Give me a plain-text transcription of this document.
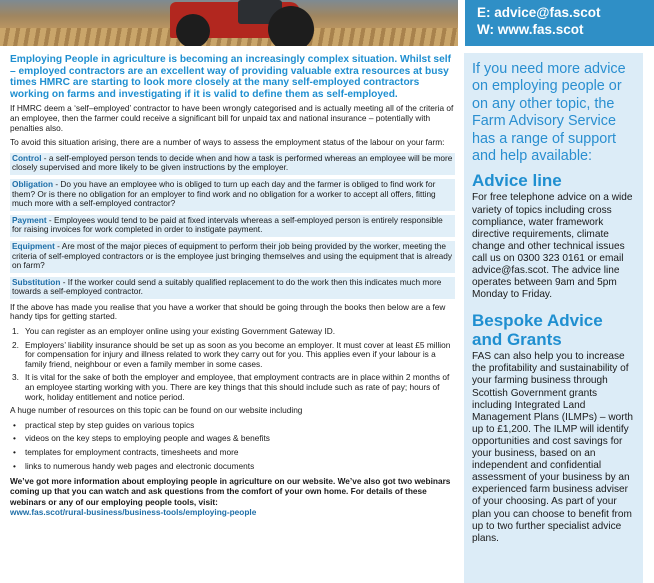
E: advice@fas.scot
W: www.fas.scot
Employing People in agriculture is becoming an increasingly complex situation. Whilst self – employed contractors are an excellent way of providing valuable extra resources at busy times HMRC are starting to look more closely at the many self-employed contractors working on farms and investigating if it is valid to define them as self-employed.

If HMRC deem a ‘self–employed’ contractor to have been wrongly categorised and is actually meeting all of the criteria of an employee, then the farmer could receive a significant bill for unpaid tax and national insurance – potentially with penalties also.

To avoid this situation arising, there are a number of ways to assess the employment status of the labour on your farm:

Control - a self-employed person tends to decide when and how a task is performed whereas an employee will be more closely supervised and more likely to be given instructions by the employer.
Obligation - Do you have an employee who is obliged to turn up each day and the farmer is obliged to find work for them? Or is there no obligation for an employer to find work and no obligation for a worker to accept all offers, fitting much more with a self-employed contractor?
Payment - Employees would tend to be paid at fixed intervals whereas a self-employed person is entirely responsible for raising invoices for work completed in order to instigate payment.
Equipment - Are most of the major pieces of equipment to perform their job being provided by the worker, meeting the criteria of self-employed contractors or is the employee just bringing themselves and using the equipment that is already on farm?
Substitution - If the worker could send a suitably qualified replacement to do the work then this indicates much more towards a self-employed contractor.

If the above has made you realise that you have a worker that should be going through the books then below are a few handy tips for getting started.

1. You can register as an employer online using your existing Government Gateway ID.
2. Employers’ liability insurance should be set up as soon as you become an employer. It must cover at least £5 million for compensation for injury and illness related to work they carry out for you. This applies even if your labour is a family friend, neighbour or even a family member in some cases.
3. It is vital for the sake of both the employer and employee, that employment contracts are in place within 2 months of an employee starting working with you. There are key things that this should include such as rate of pay; hours of work, holiday entitlement and notice period.

A huge number of resources on this topic can be found on our website including

•	practical step by step guides on various topics
•	videos on the key steps to employing people and wages & benefits
•	templates for employment contracts, timesheets and more
•	links to numerous handy web pages and electronic documents
We’ve got more information about employing people in agriculture on our website. We’ve also got two webinars coming up that you can watch and ask questions from the comfort of your own home. For details of these webinars or any of our employing people tools, visit:
www.fas.scot/rural-business/business-tools/employing-people
If you need more advice on employing people or on any other topic, the Farm Advisory Service has a range of support and help available:
Advice line
For free telephone advice on a wide variety of topics including cross compliance, water framework directive requirements, climate change and other technical issues call us on 0300 323 0161 or email advice@fas.scot. The advice line operates between 9am and 5pm Monday to Friday.
Bespoke Advice and Grants
FAS can also help you to increase the profitability and sustainability of your farming business through Scottish Government grants including Integrated Land Management Plans (ILMPs) – worth up to £1,200. The ILMP will identify opportunities and cost savings for your business, based on an independent and confidential assessment of your business by an experienced farm business adviser of your choosing. As part of your plan you can choose to benefit from up to two further specialist advice plans.
